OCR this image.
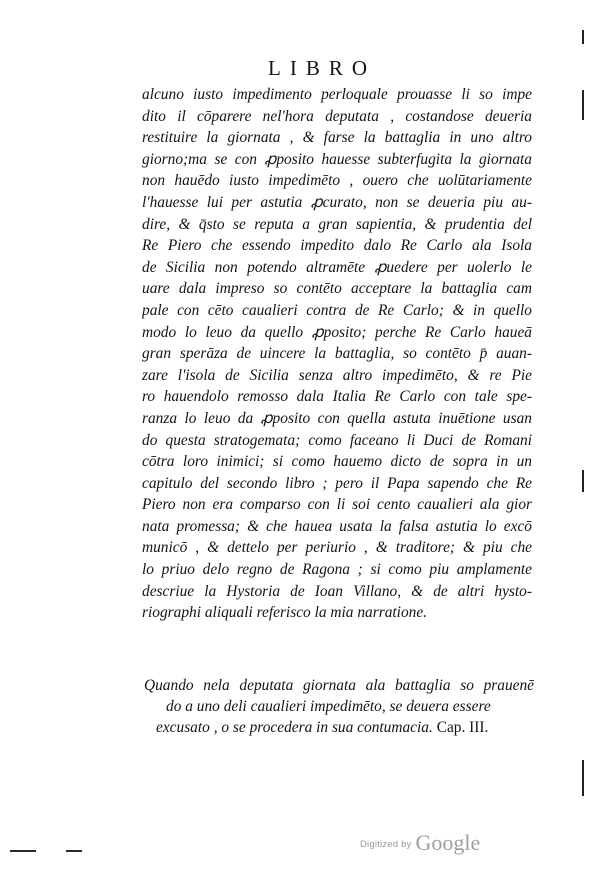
LIBRO
alcuno iusto impedimento perloquale prouasse li so impe
dito il cōparere nel'hora deputata , costandose deueria
restituire la giornata , & farse la battaglia in uno altro
giorno;ma se con ꝓposito hauesse subterfugita la giornata
non hauēdo iusto impedimēto , ouero che uolūtariamente
l'hauesse lui per astutia ꝓcurato, non se deueria piu au-
dire, & q̄sto se reputa a gran sapientia, & prudentia del
Re Piero che essendo impedito dalo Re Carlo ala Isola
de Sicilia non potendo altramēte ꝓuedere per uolerlo le
uare dala impreso so contēto acceptare la battaglia cam
pale con cēto caualieri contra de Re Carlo; & in quello
modo lo leuo da quello ꝓposito; perche Re Carlo haueā
gran sperāza de uincere la battaglia, so contēto p̄ auan-
zare l'isola de Sicilia senza altro impedimēto, & re Pie
ro hauendolo remosso dala Italia Re Carlo con tale spe-
ranza lo leuo da ꝓposito con quella astuta inuētione usan
do questa stratogemata; como faceano li Duci de Romani
cōtra loro inimici; si como hauemo dicto de sopra in un
capitulo del secondo libro ; pero il Papa sapendo che Re
Piero non era comparso con li soi cento caualieri ala gior
nata promessa; & che hauea usata la falsa astutia lo excō
municō , & dettelo per periurio , & traditore; & piu che
lo priuo delo regno de Ragona ; si como piu amplamente
descriue la Hystoria de Ioan Villano, & de altri hysto-
riographi aliquali referisco la mia narratione.
Quando nela deputata giornata ala battaglia so prauenē
do a uno deli caualieri impedimēto, se deuera essere
excusato , o se procedera in sua contumacia. Cap. III.
Digitized by Google
